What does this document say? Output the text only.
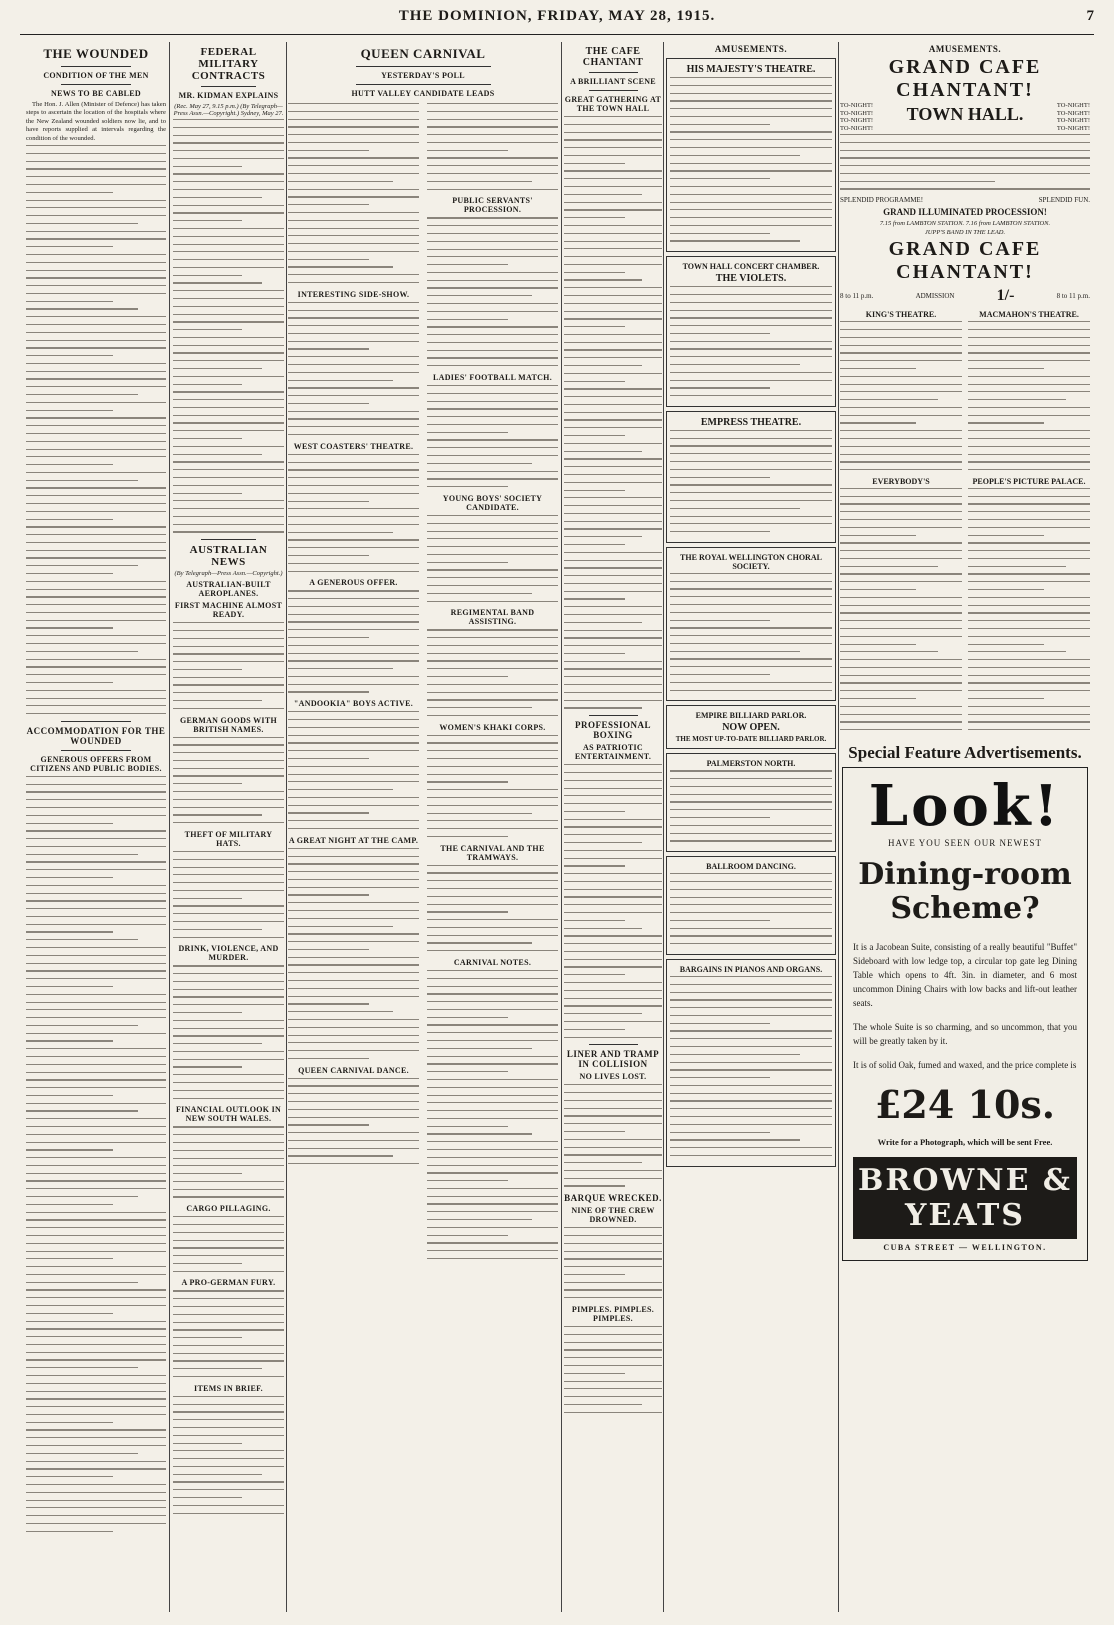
THE DOMINION, FRIDAY, MAY 28, 1915.	7
THE WOUNDED
CONDITION OF THE MEN
NEWS TO BE CABLED

The Hon. J. Allen (Minister of Defence) has taken steps to ascertain the location of the hospitals where the New Zealand wounded soldiers now lie, and to have reports supplied at intervals regarding the condition of the wounded.

ACCOMMODATION FOR THE WOUNDED
GENEROUS OFFERS FROM CITIZENS AND PUBLIC BODIES.
FEDERAL MILITARY CONTRACTS
MR. KIDMAN EXPLAINS
(Rec. May 27, 9.15 p.m.) (By Telegraph—Press Assn.—Copyright.) Sydney, May 27.
AUSTRALIAN NEWS
(By Telegraph—Press Assn.—Copyright.)
AUSTRALIAN-BUILT AEROPLANES.
FIRST MACHINE ALMOST READY.
GERMAN GOODS WITH BRITISH NAMES.
THEFT OF MILITARY HATS.
DRINK, VIOLENCE, AND MURDER.
FINANCIAL OUTLOOK IN NEW SOUTH WALES.
CARGO PILLAGING.
A PRO-GERMAN FURY.
ITEMS IN BRIEF.
QUEEN CARNIVAL
YESTERDAY'S POLL
HUTT VALLEY CANDIDATE LEADS
INTERESTING SIDE-SHOW.
WEST COASTERS' THEATRE.
A GENEROUS OFFER.
"ANDOOKIA" BOYS ACTIVE.
A GREAT NIGHT AT THE CAMP.
QUEEN CARNIVAL DANCE.
PUBLIC SERVANTS' PROCESSION.
LADIES' FOOTBALL MATCH.
YOUNG BOYS' SOCIETY CANDIDATE.
REGIMENTAL BAND ASSISTING.
WOMEN'S KHAKI CORPS.
THE CARNIVAL AND THE TRAMWAYS.
CARNIVAL NOTES.
THE CAFE CHANTANT
A BRILLIANT SCENE
GREAT GATHERING AT THE TOWN HALL
PROFESSIONAL BOXING
AS PATRIOTIC ENTERTAINMENT.
LINER AND TRAMP IN COLLISION
NO LIVES LOST.
BARQUE WRECKED.
NINE OF THE CREW DROWNED.
PIMPLES. PIMPLES. PIMPLES.
AMUSEMENTS.
HIS MAJESTY'S THEATRE.
TOWN HALL CONCERT CHAMBER.
THE VIOLETS.
EMPRESS THEATRE.
THE ROYAL WELLINGTON CHORAL SOCIETY.
EMPIRE BILLIARD PARLOR.
NOW OPEN.
THE MOST UP-TO-DATE BILLIARD PARLOR.
PALMERSTON NORTH.
BALLROOM DANCING.
BARGAINS IN PIANOS AND ORGANS.
AMUSEMENTS.
GRAND CAFE CHANTANT!
TO-NIGHT!
TO-NIGHT!
TO-NIGHT!
TO-NIGHT!
TOWN HALL.	TO-NIGHT!
TO-NIGHT!
TO-NIGHT!
TO-NIGHT!
SPLENDID PROGRAMME!	SPLENDID FUN.
GRAND ILLUMINATED PROCESSION!
7.15 from LAMBTON STATION. 7.16 from LAMBTON STATION.
JUPP'S BAND IN THE LEAD.
GRAND CAFE CHANTANT!
8 to 11 p.m.	ADMISSION	1/-	8 to 11 p.m.
KING'S THEATRE.
EVERYBODY'S
MACMAHON'S THEATRE.
PEOPLE'S PICTURE PALACE.
Special Feature Advertisements.
Look!
HAVE YOU SEEN OUR NEWEST
Dining-room Scheme?
It is a Jacobean Suite, consisting of a really beautiful "Buffet" Sideboard with low ledge top, a circular top gate leg Dining Table which opens to 4ft. 3in. in diameter, and 6 most uncommon Dining Chairs with low backs and lift-out leather seats.
The whole Suite is so charming, and so uncommon, that you will be greatly taken by it.
It is of solid Oak, fumed and waxed, and the price complete is
£24 10s.
Write for a Photograph, which will be sent Free.
BROWNE & YEATS
CUBA STREET — WELLINGTON.
